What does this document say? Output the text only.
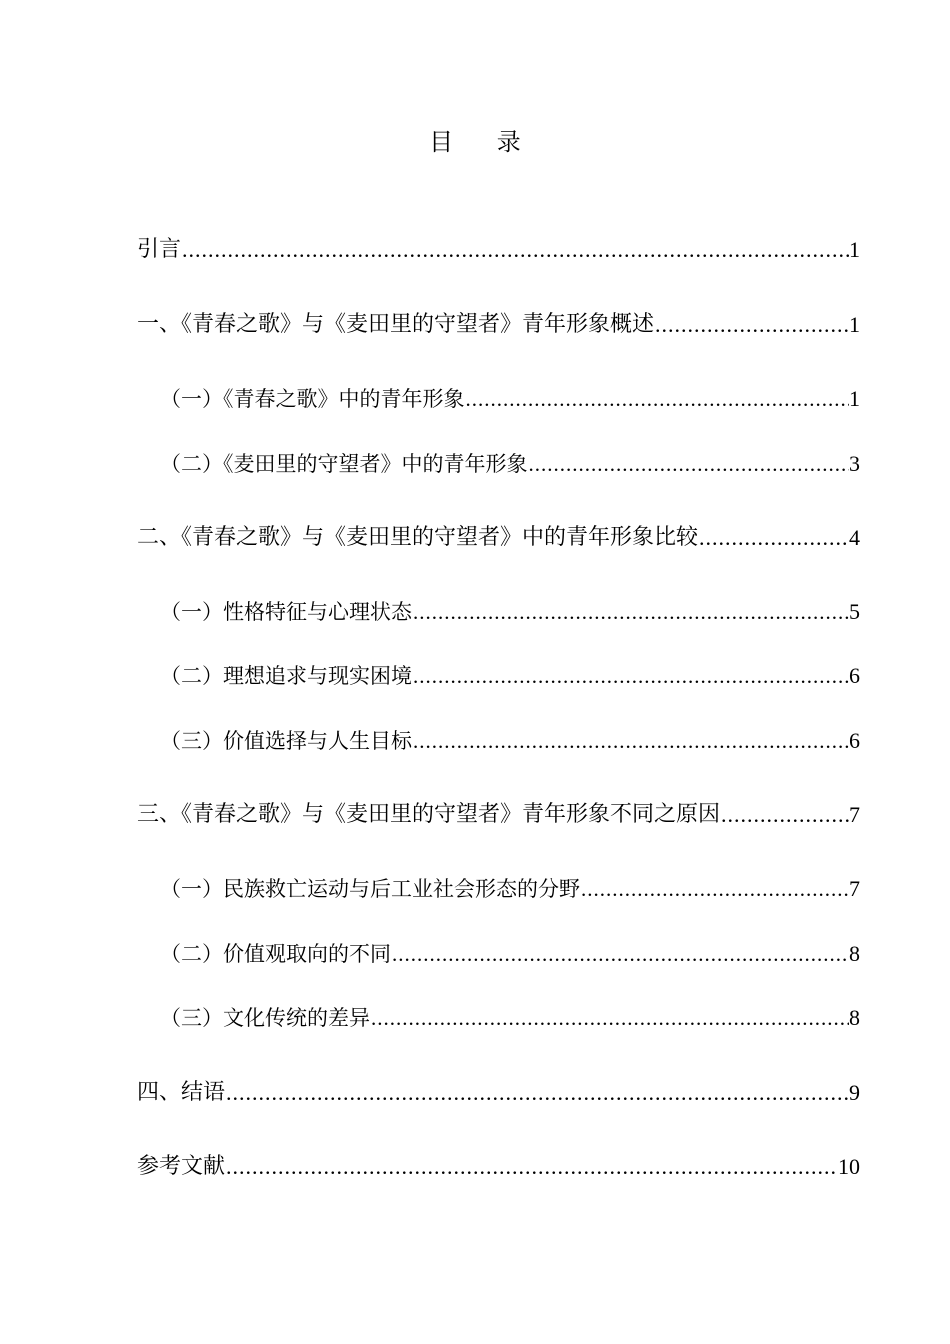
目 录
引言 .....	1
一、《青春之歌》与《麦田里的守望者》青年形象概述 .....	1
（一）《青春之歌》中的青年形象 .....	1
（二）《麦田里的守望者》中的青年形象 .....	3
二、《青春之歌》与《麦田里的守望者》中的青年形象比较 .....	4
（一）性格特征与心理状态 .....	5
（二）理想追求与现实困境 .....	6
（三）价值选择与人生目标 .....	6
三、《青春之歌》与《麦田里的守望者》青年形象不同之原因 .....	7
（一）民族救亡运动与后工业社会形态的分野 .....	7
（二）价值观取向的不同 .....	8
（三）文化传统的差异 .....	8
四、结语 .....	9
参考文献 .....	10
